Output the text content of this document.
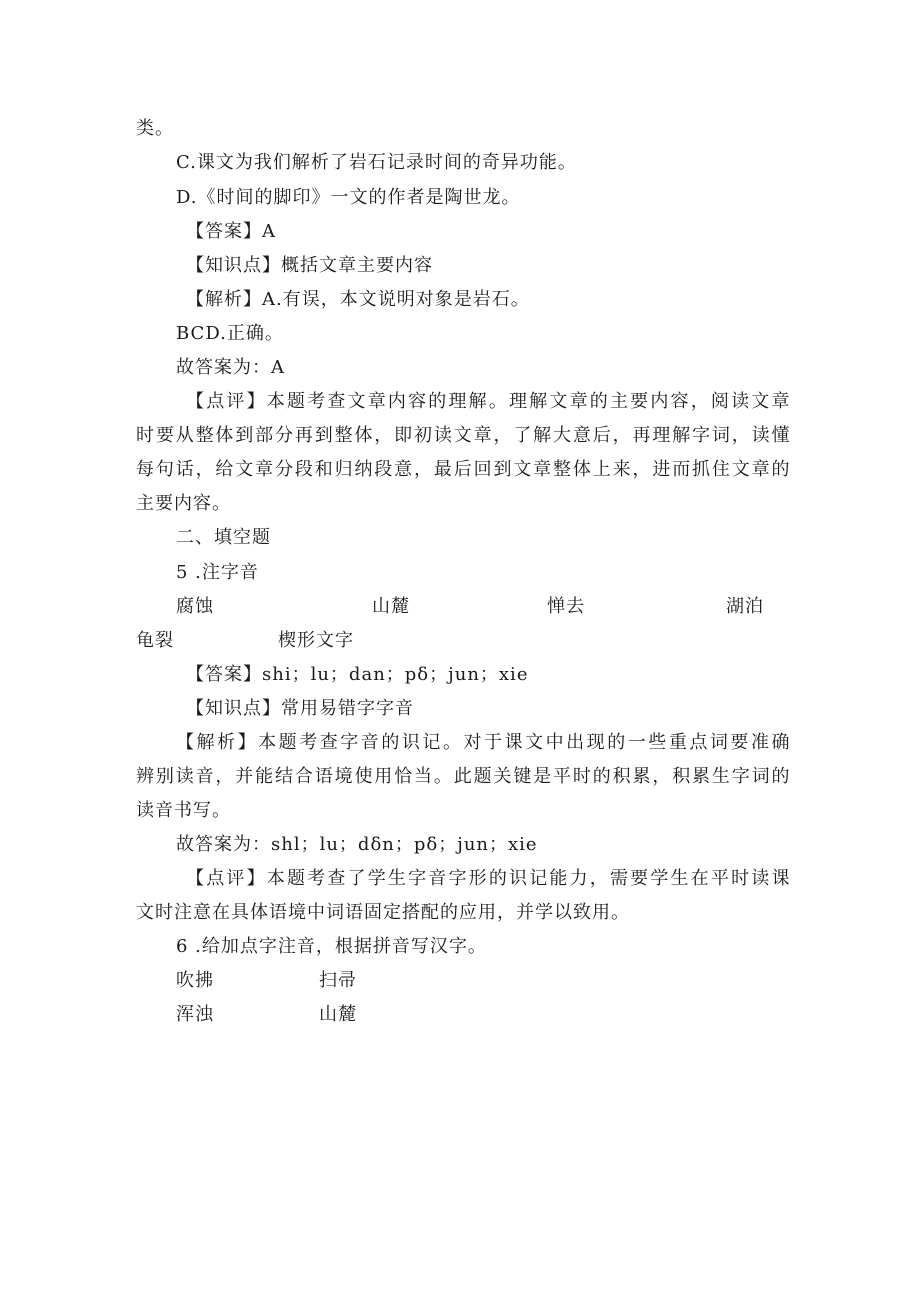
类。
C.课文为我们解析了岩石记录时间的奇异功能。
D.《时间的脚印》一文的作者是陶世龙。
【答案】A
【知识点】概括文章主要内容
【解析】A.有误，本文说明对象是岩石。
BCD.正确。
故答案为：A
【点评】本题考查文章内容的理解。理解文章的主要内容，阅读文章
时要从整体到部分再到整体，即初读文章，了解大意后，再理解字词，读懂
每句话，给文章分段和归纳段意，最后回到文章整体上来，进而抓住文章的
主要内容。
二、填空题
5 .注字音
腐蚀	山麓	惮去	湖泊
龟裂	楔形文字
【答案】shi；lu；dan；pδ；jun；xie
【知识点】常用易错字字音
【解析】本题考查字音的识记。对于课文中出现的一些重点词要准确
辨别读音，并能结合语境使用恰当。此题关键是平时的积累，积累生字词的
读音书写。
故答案为：shl；lu；dδn；pδ；jun；xie
【点评】本题考查了学生字音字形的识记能力，需要学生在平时读课
文时注意在具体语境中词语固定搭配的应用，并学以致用。
6 .给加点字注音，根据拼音写汉字。
吹拂	扫帚
浑浊	山麓
